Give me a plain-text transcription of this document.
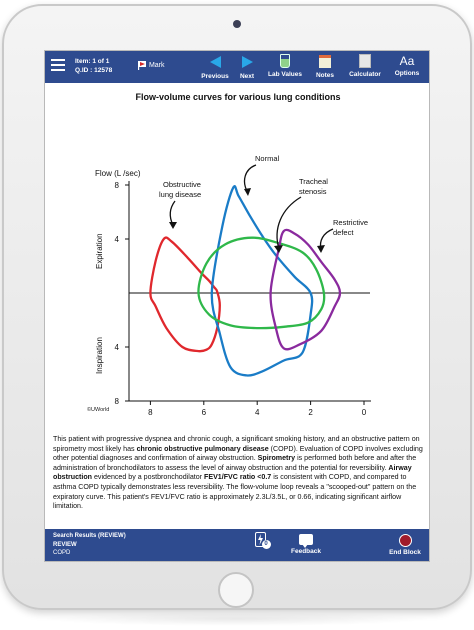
Item: 1 of 1
Q.ID : 12578
Mark
Previous	Next	Lab Values	Notes	Calculator
Aa
Options
Flow-volume curves for various lung conditions
8	6	4	2	0
8
4
4
8
Flow (L /sec)
Expiration
Inspiration
©UWorld
Normal
Obstructive
lung disease
Tracheal
stenosis
Restrictive
defect
This patient with progressive dyspnea and chronic cough, a significant smoking history, and an obstructive pattern on spirometry most likely has chronic obstructive pulmonary disease (COPD). Evaluation of COPD involves excluding other potential diagnoses and confirmation of airway obstruction. Spirometry is performed both before and after the administration of bronchodilators to assess the level of airway obstruction and the potential for reversibility. Airway obstruction evidenced by a postbronchodilator FEV1/FVC ratio <0.7 is consistent with COPD, and compared to asthma COPD typically demonstrates less reversibility. The flow-volume loop reveals a "scooped-out" pattern on the expiratory curve. This patient's FEV1/FVC ratio is approximately 2.3L/3.5L, or 0.66, indicating significant airflow limitation.
Search Results (REVIEW)
REVIEW
COPD
0
Feedback	End Block
